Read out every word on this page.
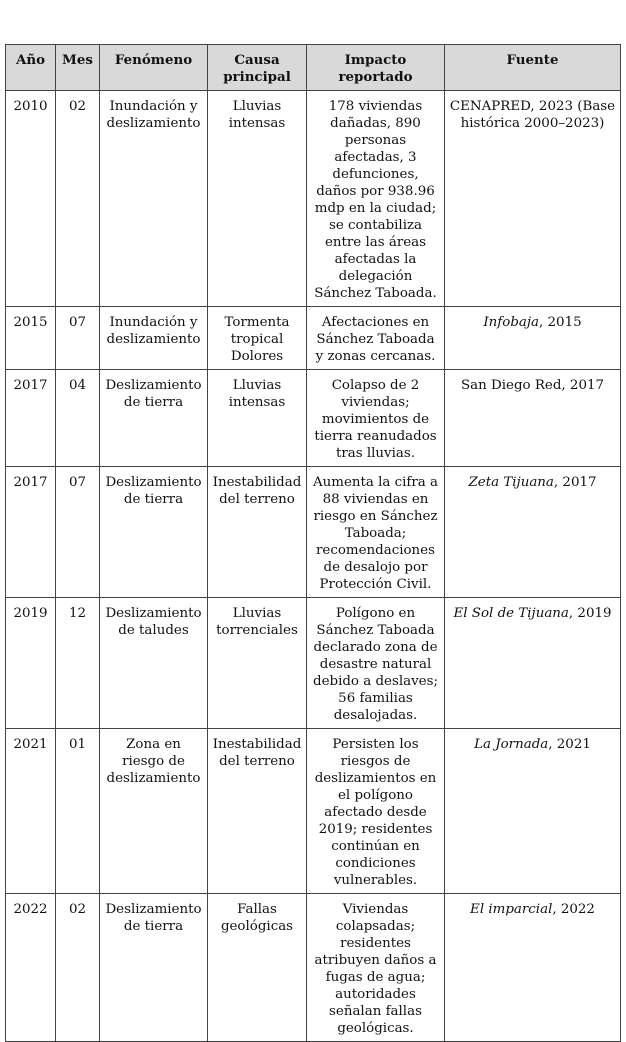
Año	Mes	Fenómeno	Causa principal	Impacto reportado	Fuente
2010	02	Inundación y deslizamiento	Lluvias intensas	178 viviendas dañadas, 890 personas afectadas, 3 defunciones, daños por 938.96 mdp en la ciudad; se contabiliza entre las áreas afectadas la delegación Sánchez Taboada.	CENAPRED, 2023 (Base histórica 2000–2023)
2015	07	Inundación y deslizamiento	Tormenta tropical Dolores	Afectaciones en Sánchez Taboada y zonas cercanas.	Infobaja, 2015
2017	04	Deslizamiento de tierra	Lluvias intensas	Colapso de 2 viviendas; movimientos de tierra reanudados tras lluvias.	San Diego Red, 2017
2017	07	Deslizamiento de tierra	Inestabilidad del terreno	Aumenta la cifra a 88 viviendas en riesgo en Sánchez Taboada; recomendaciones de desalojo por Protección Civil.	Zeta Tijuana, 2017
2019	12	Deslizamiento de taludes	Lluvias torrenciales	Polígono en Sánchez Taboada declarado zona de desastre natural debido a deslaves; 56 familias desalojadas.	El Sol de Tijuana, 2019
2021	01	Zona en riesgo de deslizamiento	Inestabilidad del terreno	Persisten los riesgos de deslizamientos en el polígono afectado desde 2019; residentes continúan en condiciones vulnerables.	La Jornada, 2021
2022	02	Deslizamiento de tierra	Fallas geológicas	Viviendas colapsadas; residentes atribuyen daños a fugas de agua; autoridades señalan fallas geológicas.	El imparcial, 2022
